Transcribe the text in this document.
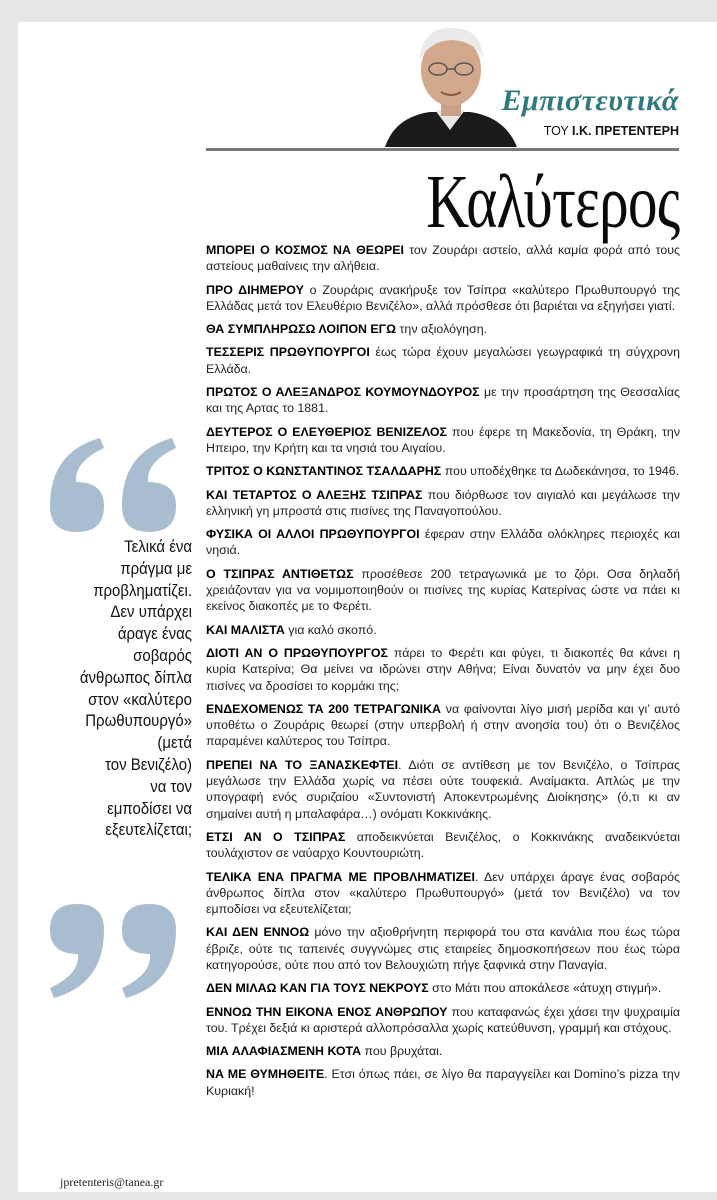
Εμπιστευτικά
ΤΟΥ Ι.Κ. ΠΡΕΤΕΝΤΕΡΗ
Καλύτερος
Τελικά ένα
πράγμα με
προβληματίζει.
Δεν υπάρχει
άραγε ένας
σοβαρός
άνθρωπος δίπλα
στον «καλύτερο
Πρωθυπουργό»
(μετά
τον Βενιζέλο)
να τον
εμποδίσει να
εξευτελίζεται;

ΜΠΟΡΕΙ Ο ΚΟΣΜΟΣ ΝΑ ΘΕΩΡΕΙ τον Ζουράρι αστείο, αλλά καμία φορά από τους αστείους μαθαίνεις την αλήθεια.

ΠΡΟ ΔΙΗΜΕΡΟΥ ο Ζουράρις ανακήρυξε τον Τσίπρα «καλύτερο Πρωθυπουργό της Ελλάδας μετά τον Ελευθέριο Βενιζέλο», αλλά πρόσθεσε ότι βαριέται να εξηγήσει γιατί.

ΘΑ ΣΥΜΠΛΗΡΩΣΩ ΛΟΙΠΟΝ ΕΓΩ την αξιολόγηση.

ΤΕΣΣΕΡΙΣ ΠΡΩΘΥΠΟΥΡΓΟΙ έως τώρα έχουν μεγαλώσει γεωγραφικά τη σύγχρονη Ελλάδα.

ΠΡΩΤΟΣ Ο ΑΛΕΞΑΝΔΡΟΣ ΚΟΥΜΟΥΝΔΟΥΡΟΣ με την προσάρτηση της Θεσσαλίας και της Αρτας το 1881.

ΔΕΥΤΕΡΟΣ Ο ΕΛΕΥΘΕΡΙΟΣ ΒΕΝΙΖΕΛΟΣ που έφερε τη Μακεδονία, τη Θράκη, την Ηπειρο, την Κρήτη και τα νησιά του Αιγαίου.

ΤΡΙΤΟΣ Ο ΚΩΝΣΤΑΝΤΙΝΟΣ ΤΣΑΛΔΑΡΗΣ που υποδέχθηκε τα Δωδεκάνησα, το 1946.

ΚΑΙ ΤΕΤΑΡΤΟΣ Ο ΑΛΕΞΗΣ ΤΣΙΠΡΑΣ που διόρθωσε τον αιγιαλό και μεγάλωσε την ελληνική γη μπροστά στις πισίνες της Παναγοπούλου.

ΦΥΣΙΚΑ ΟΙ ΑΛΛΟΙ ΠΡΩΘΥΠΟΥΡΓΟΙ έφεραν στην Ελλάδα ολόκληρες περιοχές και νησιά.

Ο ΤΣΙΠΡΑΣ ΑΝΤΙΘΕΤΩΣ προσέθεσε 200 τετραγωνικά με το ζόρι. Οσα δηλαδή χρειάζονταν για να νομιμοποιηθούν οι πισίνες της κυρίας Κατερίνας ώστε να πάει κι εκείνος διακοπές με το Φερέτι.

ΚΑΙ ΜΑΛΙΣΤΑ για καλό σκοπό.

ΔΙΟΤΙ ΑΝ Ο ΠΡΩΘΥΠΟΥΡΓΟΣ πάρει το Φερέτι και φύγει, τι διακοπές θα κάνει η κυρία Κατερίνα; Θα μείνει να ιδρώνει στην Αθήνα; Είναι δυνατόν να μην έχει δυο πισίνες να δροσίσει το κορμάκι της;

ΕΝΔΕΧΟΜΕΝΩΣ ΤΑ 200 ΤΕΤΡΑΓΩΝΙΚΑ να φαίνονται λίγο μισή μερίδα και γι’ αυτό υποθέτω ο Ζουράρις θεωρεί (στην υπερβολή ή στην ανοησία του) ότι ο Βενιζέλος παραμένει καλύτερος του Τσίπρα.

ΠΡΕΠΕΙ ΝΑ ΤΟ ΞΑΝΑΣΚΕΦΤΕΙ. Διότι σε αντίθεση με τον Βενιζέλο, ο Τσίπρας μεγάλωσε την Ελλάδα χωρίς να πέσει ούτε τουφεκιά. Αναίμακτα. Απλώς με την υπογραφή ενός συριζαίου «Συντονιστή Αποκεντρωμένης Διοίκησης» (ό,τι κι αν σημαίνει αυτή η μπαλαφάρα…) ονόματι Κοκκινάκης.

ΕΤΣΙ ΑΝ Ο ΤΣΙΠΡΑΣ αποδεικνύεται Βενιζέλος, ο Κοκκινάκης αναδεικνύεται τουλάχιστον σε ναύαρχο Κουντουριώτη.

ΤΕΛΙΚΑ ΕΝΑ ΠΡΑΓΜΑ ΜΕ ΠΡΟΒΛΗΜΑΤΙΖΕΙ. Δεν υπάρχει άραγε ένας σοβαρός άνθρωπος δίπλα στον «καλύτερο Πρωθυπουργό» (μετά τον Βενιζέλο) να τον εμποδίσει να εξευτελίζεται;

ΚΑΙ ΔΕΝ ΕΝΝΟΩ μόνο την αξιοθρήνητη περιφορά του στα κανάλια που έως τώρα έβριζε, ούτε τις ταπεινές συγγνώμες στις εταιρείες δημοσκοπήσεων που έως τώρα κατηγορούσε, ούτε που από τον Βελουχιώτη πήγε ξαφνικά στην Παναγία.

ΔΕΝ ΜΙΛΑΩ ΚΑΝ ΓΙΑ ΤΟΥΣ ΝΕΚΡΟΥΣ στο Μάτι που αποκάλεσε «άτυχη στιγμή».

ΕΝΝΟΩ ΤΗΝ ΕΙΚΟΝΑ ΕΝΟΣ ΑΝΘΡΩΠΟΥ που καταφανώς έχει χάσει την ψυχραιμία του. Τρέχει δεξιά κι αριστερά αλλοπρόσαλλα χωρίς κατεύθυνση, γραμμή και στόχους.

ΜΙΑ ΑΛΑΦΙΑΣΜΕΝΗ ΚΟΤΑ που βρυχάται.

ΝΑ ΜΕ ΘΥΜΗΘΕΙΤΕ. Ετσι όπως πάει, σε λίγο θα παραγγείλει και Domino’s pizza την Κυριακή!

jpretenteris@tanea.gr
